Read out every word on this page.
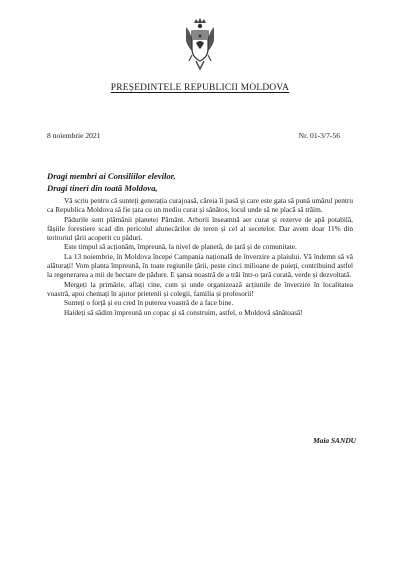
PREȘEDINTELE REPUBLICII MOLDOVA
8 noiembrie 2021	Nr. 01-3/7-56
Dragi membri ai Consiliilor elevilor,
Dragi tineri din toată Moldova,

Vă scriu pentru că sunteți generația curajoasă, căreia îi pasă și care este gata să pună umărul pentru ca Republica Moldova să fie țara cu un mediu curat și sănătos, locul unde să ne placă să trăim.

Pădurile sunt plămânii planetei Pământ. Arborii înseamnă aer curat și rezerve de apă potabilă, fâșiile forestiere scad din pericolul alunecărilor de teren și cel al secetelor. Dar avem doar 11% din teritoriul țării acoperit cu păduri.

Este timpul să acționăm, împreună, la nivel de planetă, de țară și de comunitate.

La 13 noiembrie, în Moldova începe Campania națională de înverzire a plaiului. Vă îndemn să vă alăturați! Vom planta împreună, în toate regiunile țării, peste cinci milioane de puieți, contribuind astfel la regenerarea a mii de hectare de pădure. E șansa noastră de a trăi într-o țară curată, verde și dezvoltată.

Mergeți la primărie, aflați cine, cum și unde organizează acțiunile de înverzire în localitatea voastră, apoi chemați în ajutor prietenii și colegii, familia și profesorii!

Sunteți o forță și eu cred în puterea voastră de a face bine.

Haideți să sădim împreună un copac și să construim, astfel, o Moldovă sănătoasă!

Maia SANDU
